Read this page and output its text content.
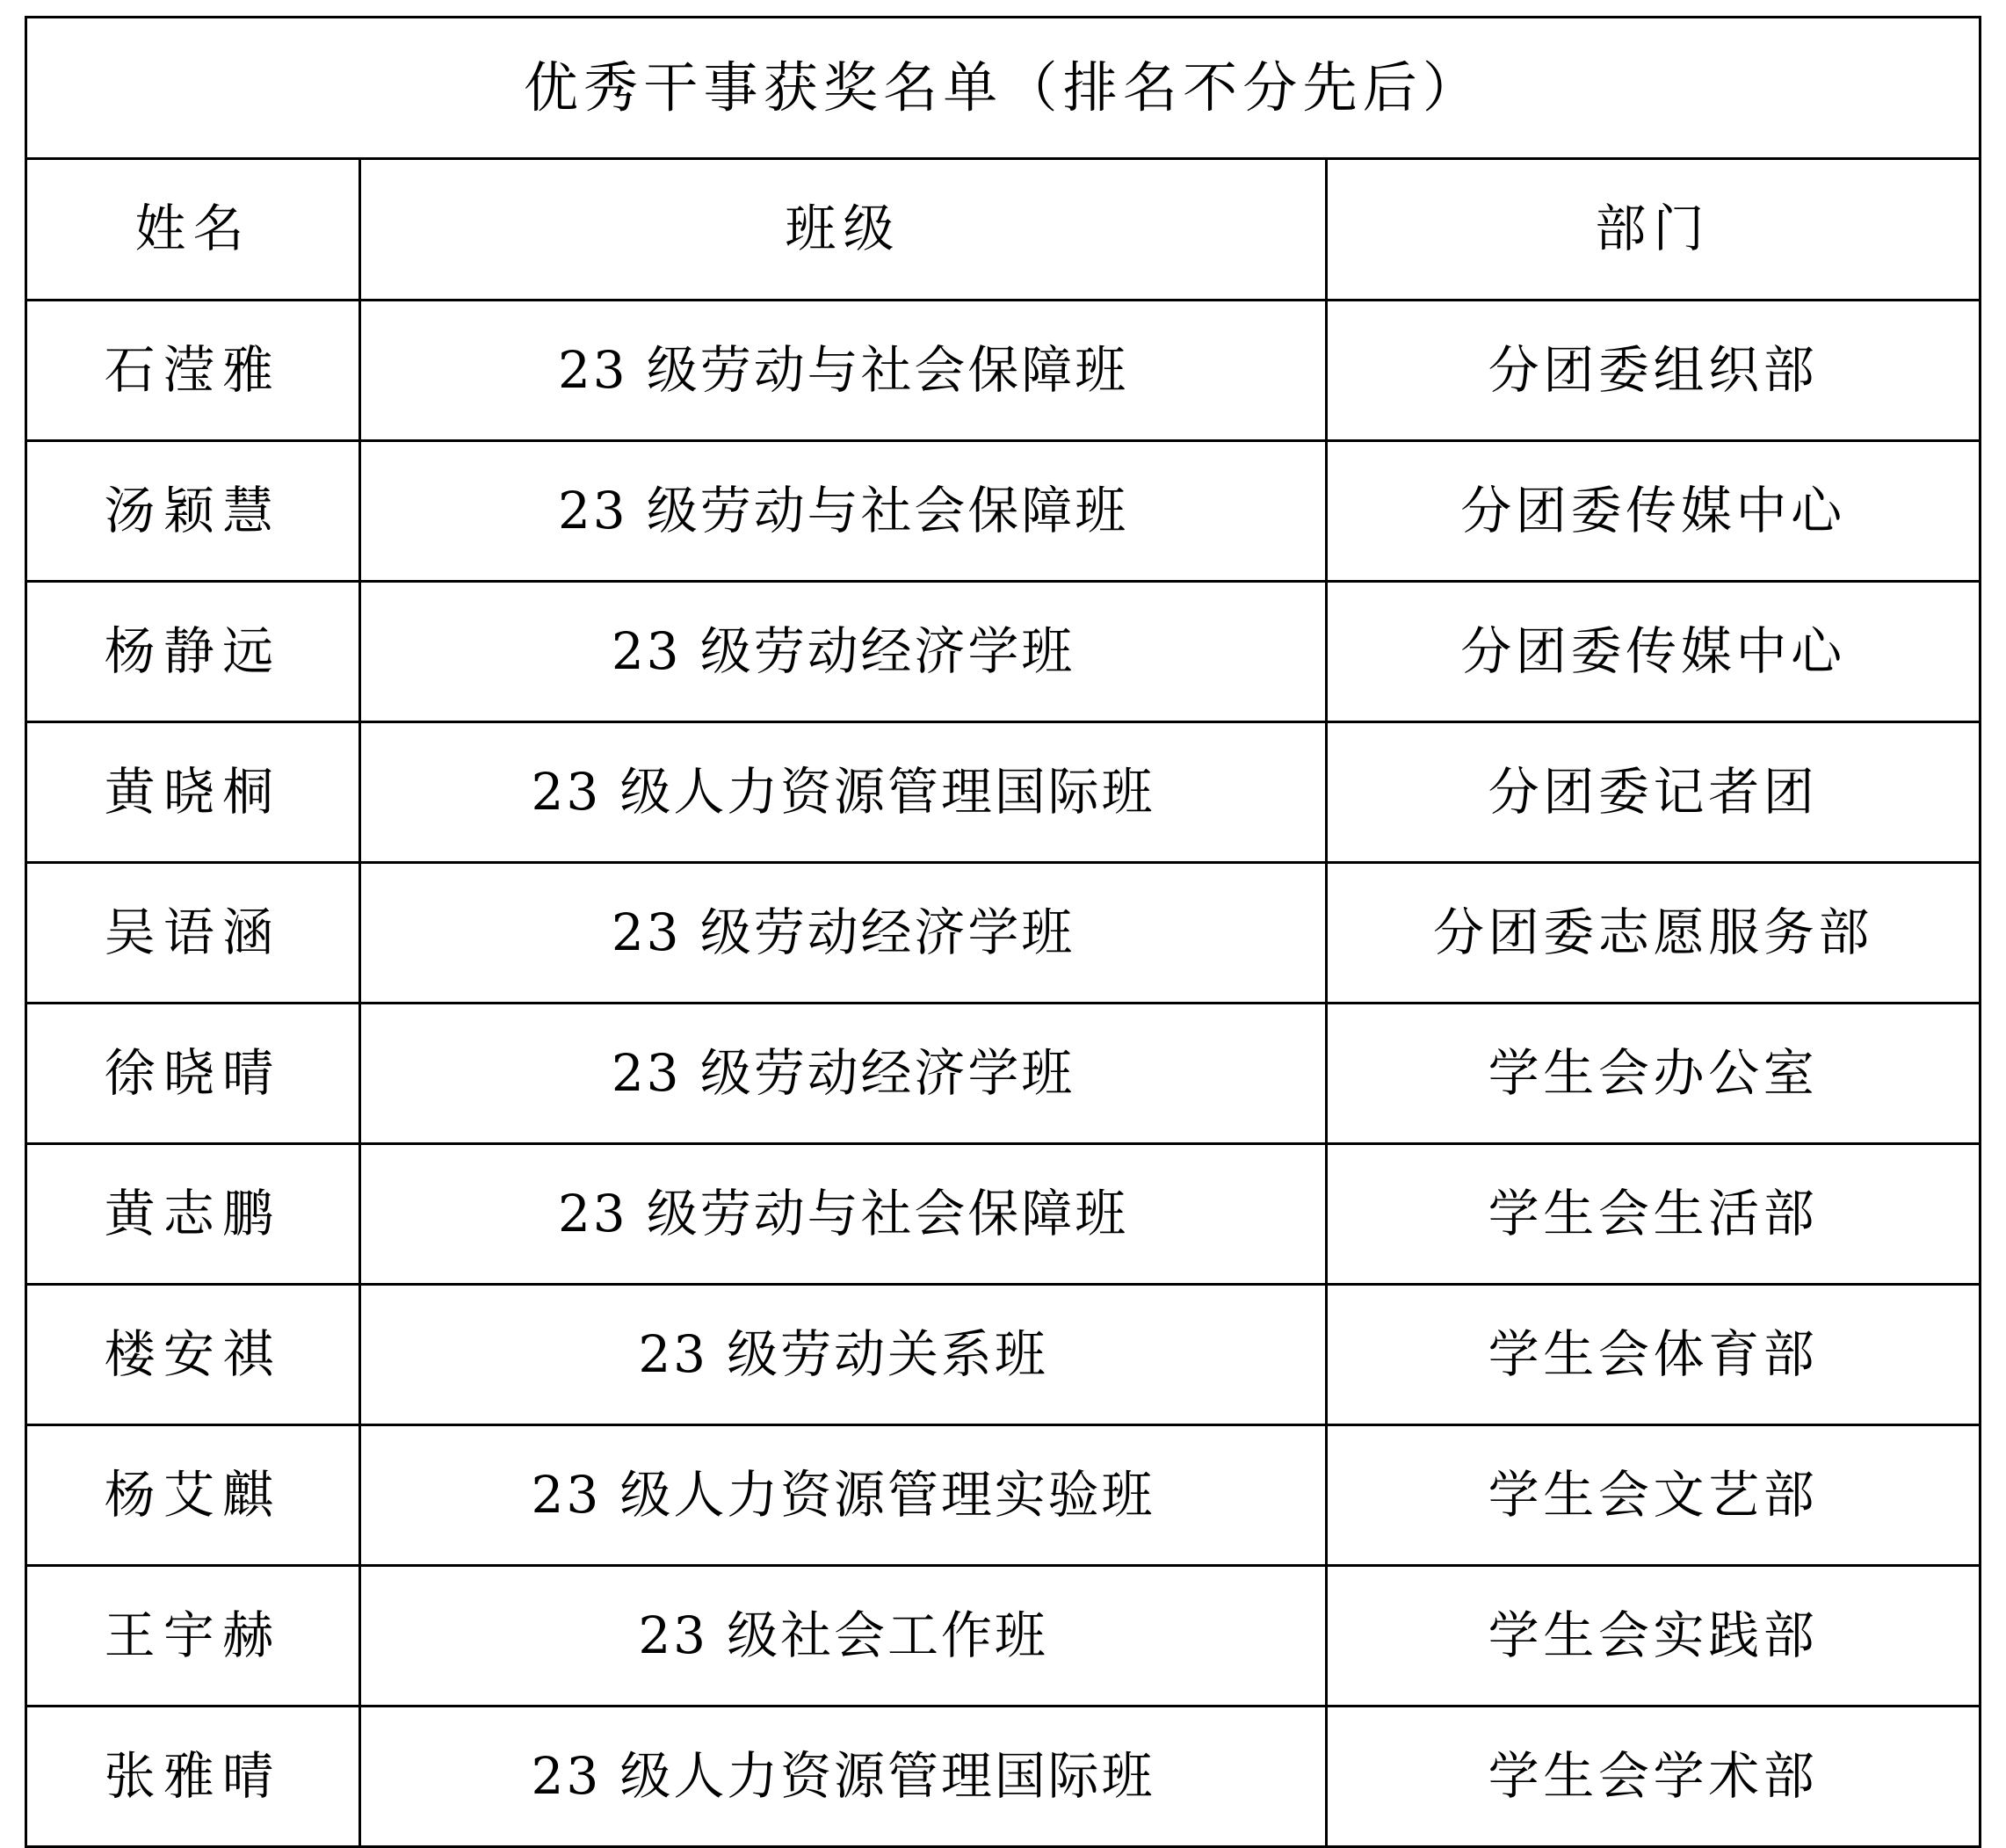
优秀干事获奖名单（排名不分先后）		
姓名	班级	部门
石滢雅	23 级劳动与社会保障班	分团委组织部
汤颖慧	23 级劳动与社会保障班	分团委传媒中心
杨静远	23 级劳动经济学班	分团委传媒中心
黄晓桐	23 级人力资源管理国际班	分团委记者团
吴语涵	23 级劳动经济学班	分团委志愿服务部
徐晓晴	23 级劳动经济学班	学生会办公室
黄志鹏	23 级劳动与社会保障班	学生会生活部
楼安祺	23 级劳动关系班	学生会体育部
杨艾麒	23 级人力资源管理实验班	学生会文艺部
王宇赫	23 级社会工作班	学生会实践部
张雅晴	23 级人力资源管理国际班	学生会学术部
